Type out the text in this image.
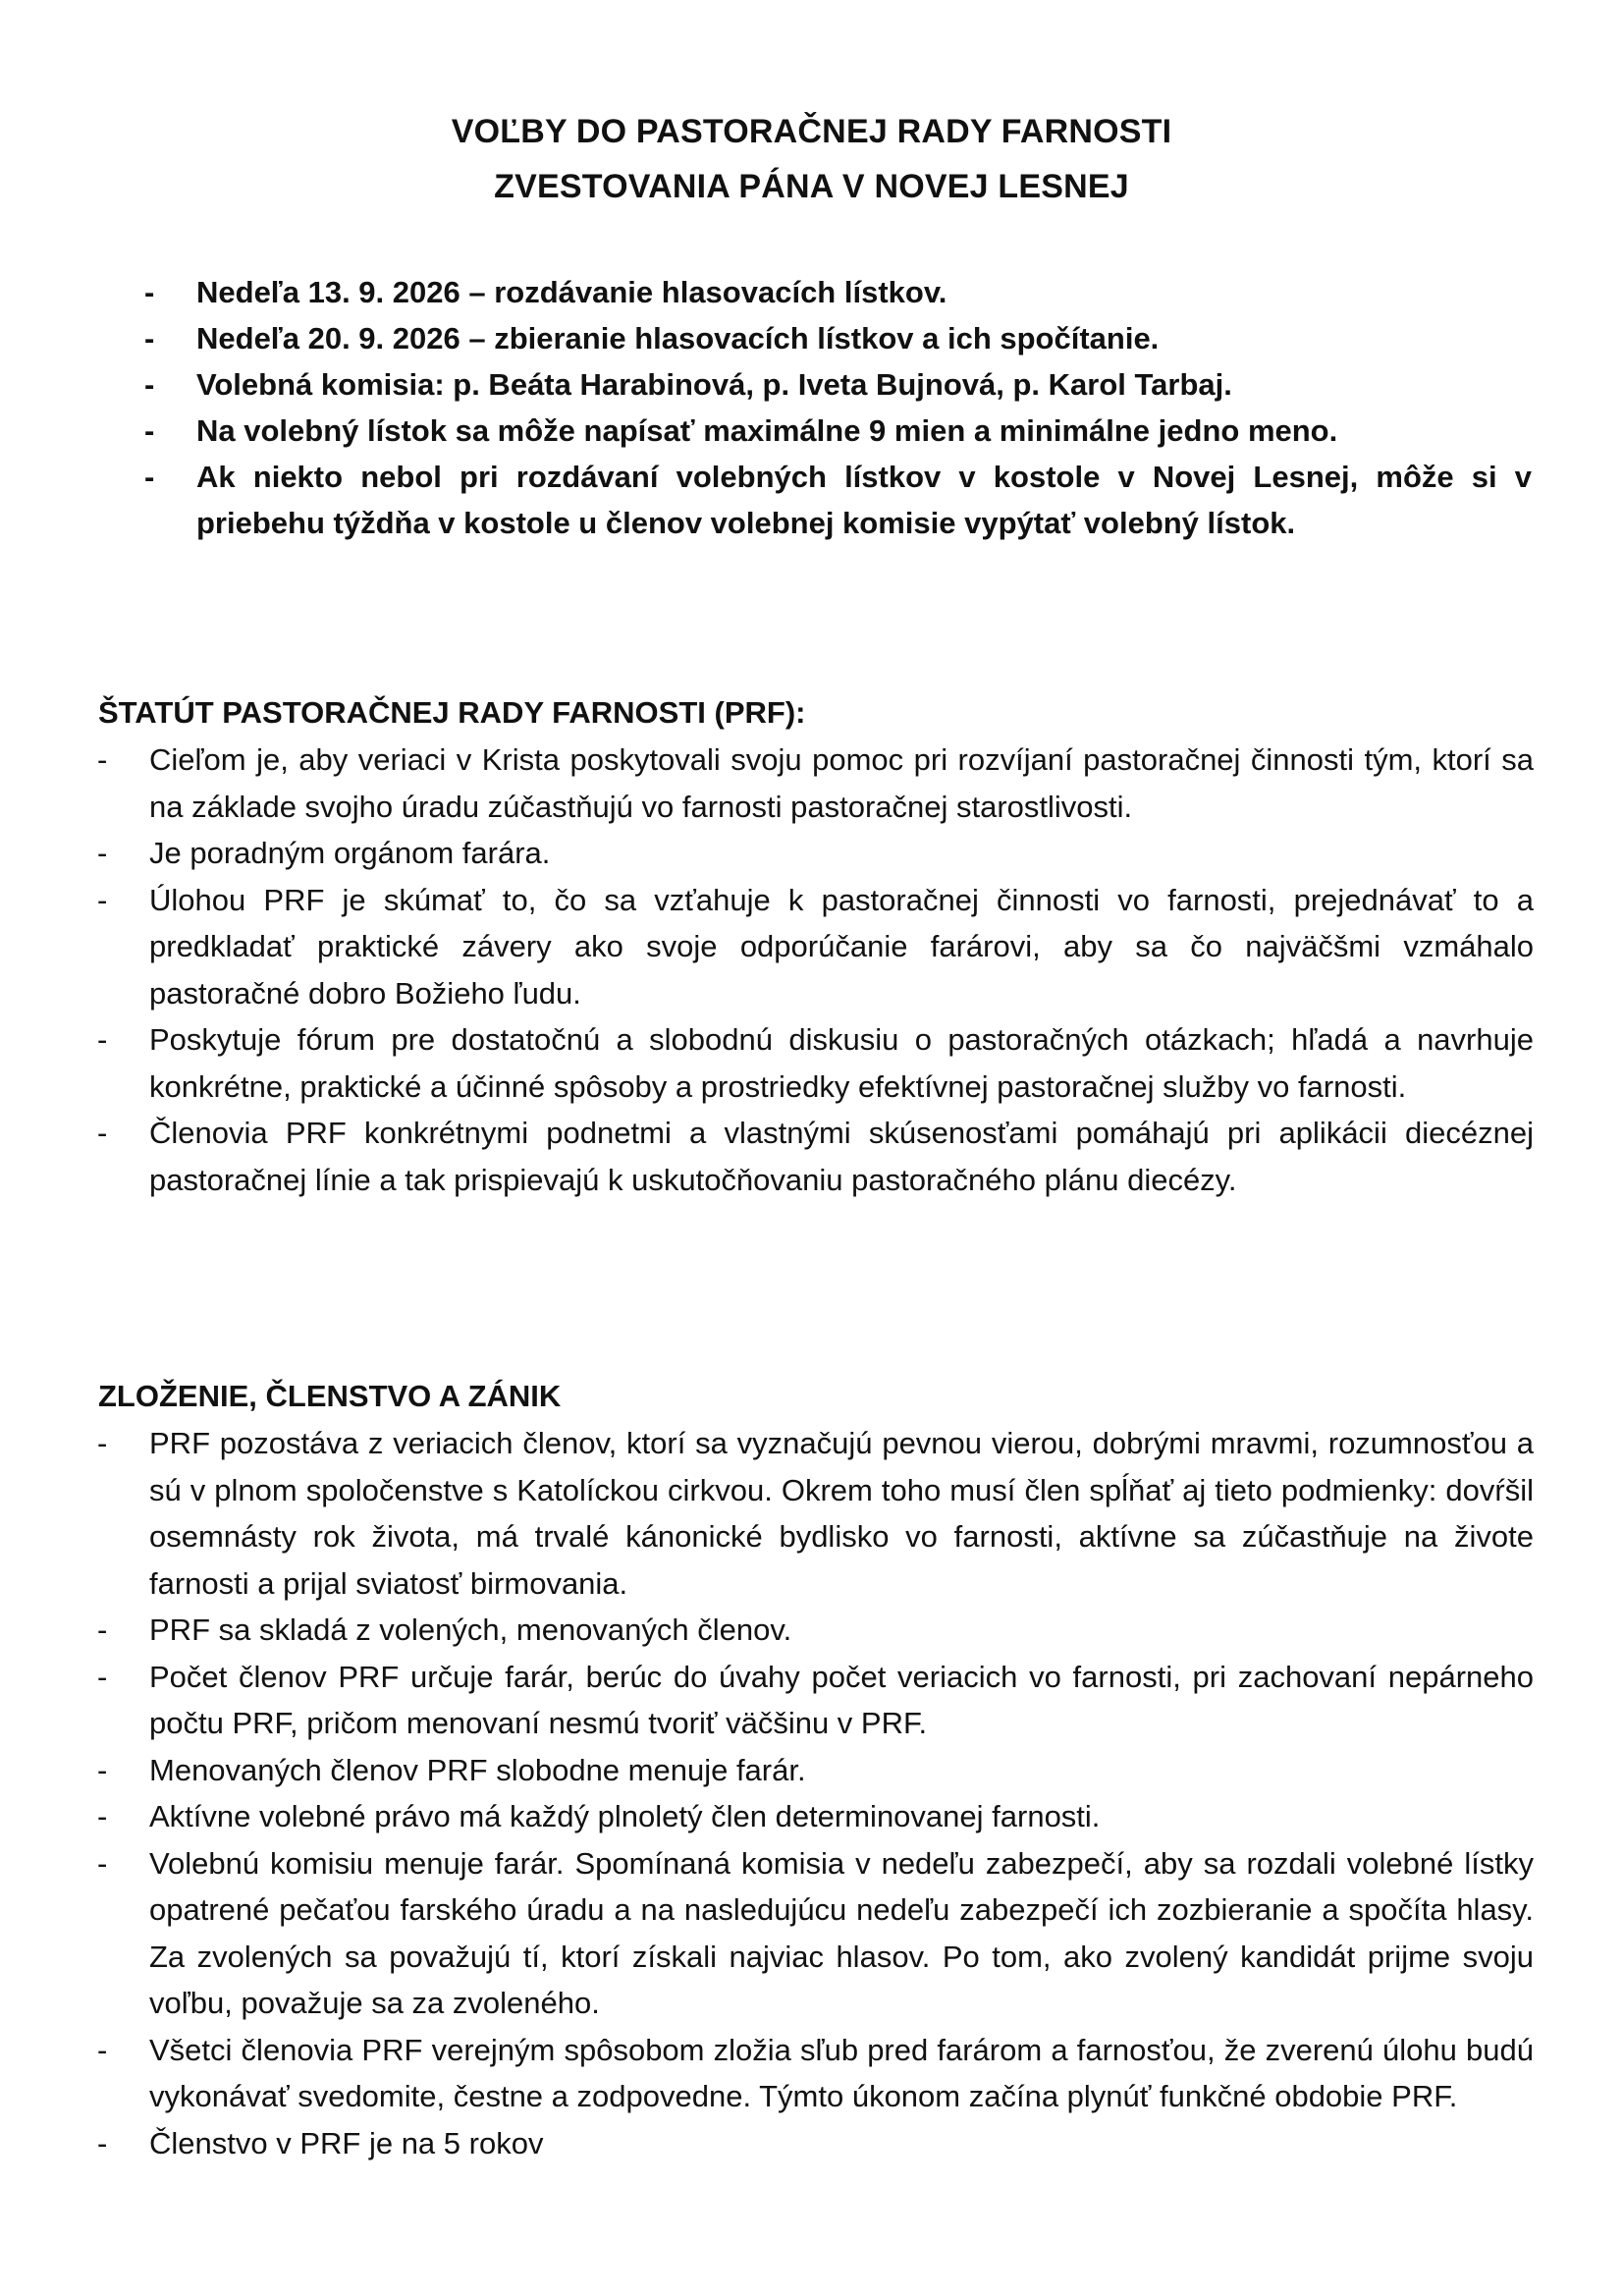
VOĽBY DO PASTORAČNEJ RADY FARNOSTI
ZVESTOVANIA PÁNA V NOVEJ LESNEJ
- Nedeľa 13. 9. 2026 – rozdávanie hlasovacích lístkov.
- Nedeľa 20. 9. 2026 – zbieranie hlasovacích lístkov a ich spočítanie.
- Volebná komisia: p. Beáta Harabinová, p. Iveta Bujnová, p. Karol Tarbaj.
- Na volebný lístok sa môže napísať maximálne 9 mien a minimálne jedno meno.
- Ak niekto nebol pri rozdávaní volebných lístkov v kostole v Novej Lesnej, môže si v priebehu týždňa v kostole u členov volebnej komisie vypýtať volebný lístok.
ŠTATÚT PASTORAČNEJ RADY FARNOSTI (PRF):
- Cieľom je, aby veriaci v Krista poskytovali svoju pomoc pri rozvíjaní pastoračnej činnosti tým, ktorí sa na základe svojho úradu zúčastňujú vo farnosti pastoračnej starostlivosti.
- Je poradným orgánom farára.
- Úlohou PRF je skúmať to, čo sa vzťahuje k pastoračnej činnosti vo farnosti, prejednávať to a predkladať praktické závery ako svoje odporúčanie farárovi, aby sa čo najväčšmi vzmáhalo pastoračné dobro Božieho ľudu.
- Poskytuje fórum pre dostatočnú a slobodnú diskusiu o pastoračných otázkach; hľadá a navrhuje konkrétne, praktické a účinné spôsoby a prostriedky efektívnej pastoračnej služby vo farnosti.
- Členovia PRF konkrétnymi podnetmi a vlastnými skúsenosťami pomáhajú pri aplikácii diecéznej pastoračnej línie a tak prispievajú k uskutočňovaniu pastoračného plánu diecézy.
ZLOŽENIE, ČLENSTVO A ZÁNIK
- PRF pozostáva z veriacich členov, ktorí sa vyznačujú pevnou vierou, dobrými mravmi, rozumnosťou a sú v plnom spoločenstve s Katolíckou cirkvou. Okrem toho musí člen spĺňať aj tieto podmienky: dovŕšil osemnásty rok života, má trvalé kánonické bydlisko vo farnosti, aktívne sa zúčastňuje na živote farnosti a prijal sviatosť birmovania.
- PRF sa skladá z volených, menovaných členov.
- Počet členov PRF určuje farár, berúc do úvahy počet veriacich vo farnosti, pri zachovaní nepárneho počtu PRF, pričom menovaní nesmú tvoriť väčšinu v PRF.
- Menovaných členov PRF slobodne menuje farár.
- Aktívne volebné právo má každý plnoletý člen determinovanej farnosti.
- Volebnú komisiu menuje farár. Spomínaná komisia v nedeľu zabezpečí, aby sa rozdali volebné lístky opatrené pečaťou farského úradu a na nasledujúcu nedeľu zabezpečí ich zozbieranie a spočíta hlasy. Za zvolených sa považujú tí, ktorí získali najviac hlasov. Po tom, ako zvolený kandidát prijme svoju voľbu, považuje sa za zvoleného.
- Všetci členovia PRF verejným spôsobom zložia sľub pred farárom a farnosťou, že zverenú úlohu budú vykonávať svedomite, čestne a zodpovedne. Týmto úkonom začína plynúť funkčné obdobie PRF.
- Členstvo v PRF je na 5 rokov
